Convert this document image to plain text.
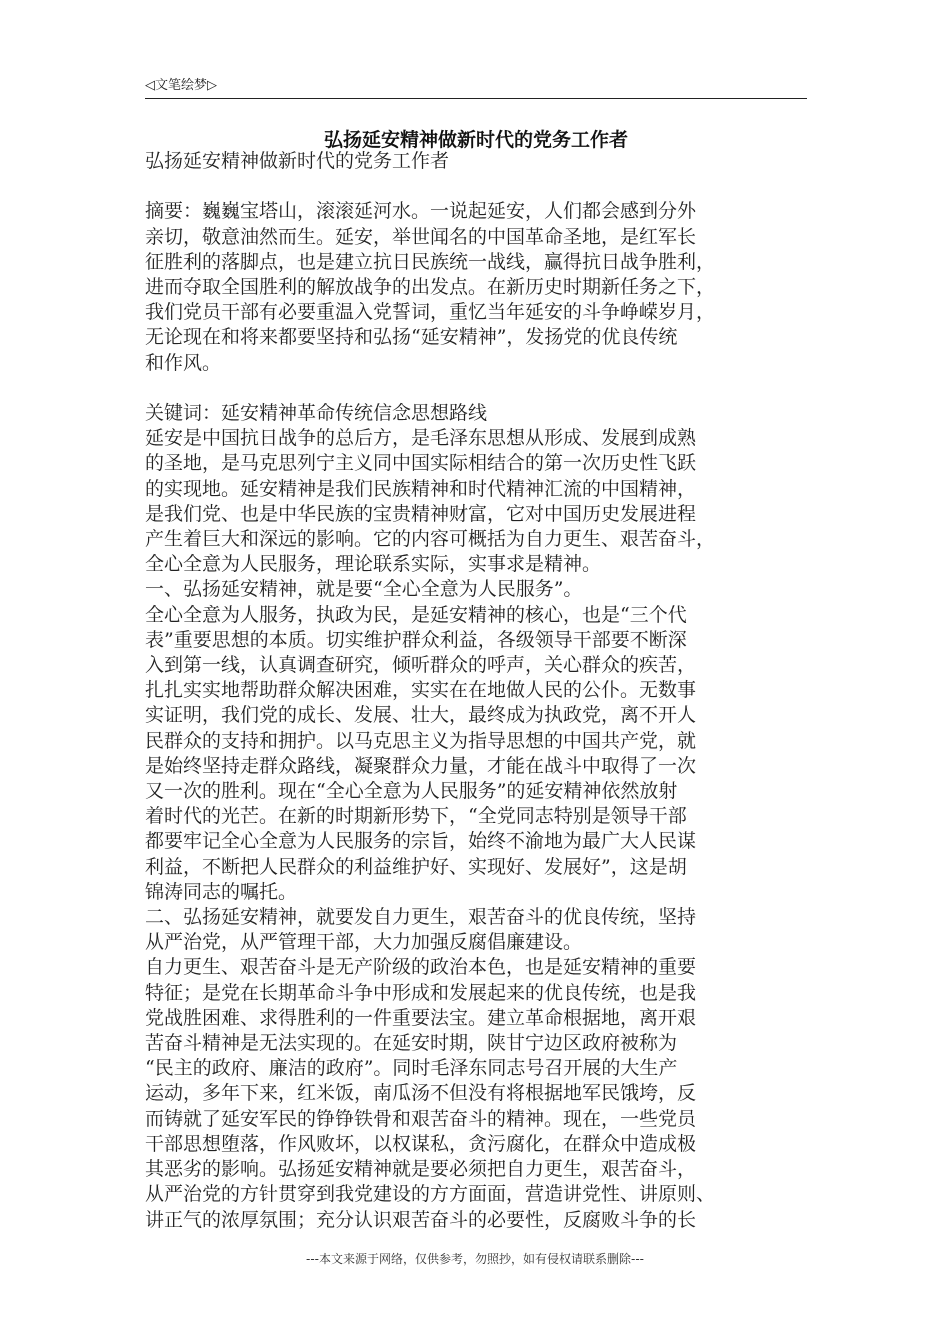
◁文笔绘梦▷
弘扬延安精神做新时代的党务工作者

弘扬延安精神做新时代的党务工作者

摘要：巍巍宝塔山，滚滚延河水。一说起延安，人们都会感到分外

亲切，敬意油然而生。延安，举世闻名的中国革命圣地，是红军长

征胜利的落脚点，也是建立抗日民族统一战线，赢得抗日战争胜利，

进而夺取全国胜利的解放战争的出发点。在新历史时期新任务之下，

我们党员干部有必要重温入党誓词，重忆当年延安的斗争峥嵘岁月，

无论现在和将来都要坚持和弘扬“延安精神”，发扬党的优良传统

和作风。

关键词：延安精神革命传统信念思想路线

延安是中国抗日战争的总后方，是毛泽东思想从形成、发展到成熟

的圣地，是马克思列宁主义同中国实际相结合的第一次历史性飞跃

的实现地。延安精神是我们民族精神和时代精神汇流的中国精神，

是我们党、也是中华民族的宝贵精神财富，它对中国历史发展进程

产生着巨大和深远的影响。它的内容可概括为自力更生、艰苦奋斗，

全心全意为人民服务，理论联系实际，实事求是精神。

一、弘扬延安精神，就是要“全心全意为人民服务”。

全心全意为人服务，执政为民，是延安精神的核心，也是“三个代

表”重要思想的本质。切实维护群众利益，各级领导干部要不断深

入到第一线，认真调查研究，倾听群众的呼声，关心群众的疾苦，

扎扎实实地帮助群众解决困难，实实在在地做人民的公仆。无数事

实证明，我们党的成长、发展、壮大，最终成为执政党，离不开人

民群众的支持和拥护。以马克思主义为指导思想的中国共产党，就

是始终坚持走群众路线，凝聚群众力量，才能在战斗中取得了一次

又一次的胜利。现在“全心全意为人民服务”的延安精神依然放射

着时代的光芒。在新的时期新形势下，“全党同志特别是领导干部

都要牢记全心全意为人民服务的宗旨，始终不渝地为最广大人民谋

利益，不断把人民群众的利益维护好、实现好、发展好”，这是胡

锦涛同志的嘱托。

二、弘扬延安精神，就要发自力更生，艰苦奋斗的优良传统，坚持

从严治党，从严管理干部，大力加强反腐倡廉建设。

自力更生、艰苦奋斗是无产阶级的政治本色，也是延安精神的重要

特征；是党在长期革命斗争中形成和发展起来的优良传统，也是我

党战胜困难、求得胜利的一件重要法宝。建立革命根据地，离开艰

苦奋斗精神是无法实现的。在延安时期，陕甘宁边区政府被称为

“民主的政府、廉洁的政府”。同时毛泽东同志号召开展的大生产

运动，多年下来，红米饭，南瓜汤不但没有将根据地军民饿垮，反

而铸就了延安军民的铮铮铁骨和艰苦奋斗的精神。现在，一些党员

干部思想堕落，作风败坏，以权谋私，贪污腐化，在群众中造成极

其恶劣的影响。弘扬延安精神就是要必须把自力更生，艰苦奋斗，

从严治党的方针贯穿到我党建设的方方面面，营造讲党性、讲原则、

讲正气的浓厚氛围；充分认识艰苦奋斗的必要性，反腐败斗争的长

---本文来源于网络，仅供参考，勿照抄，如有侵权请联系删除---
